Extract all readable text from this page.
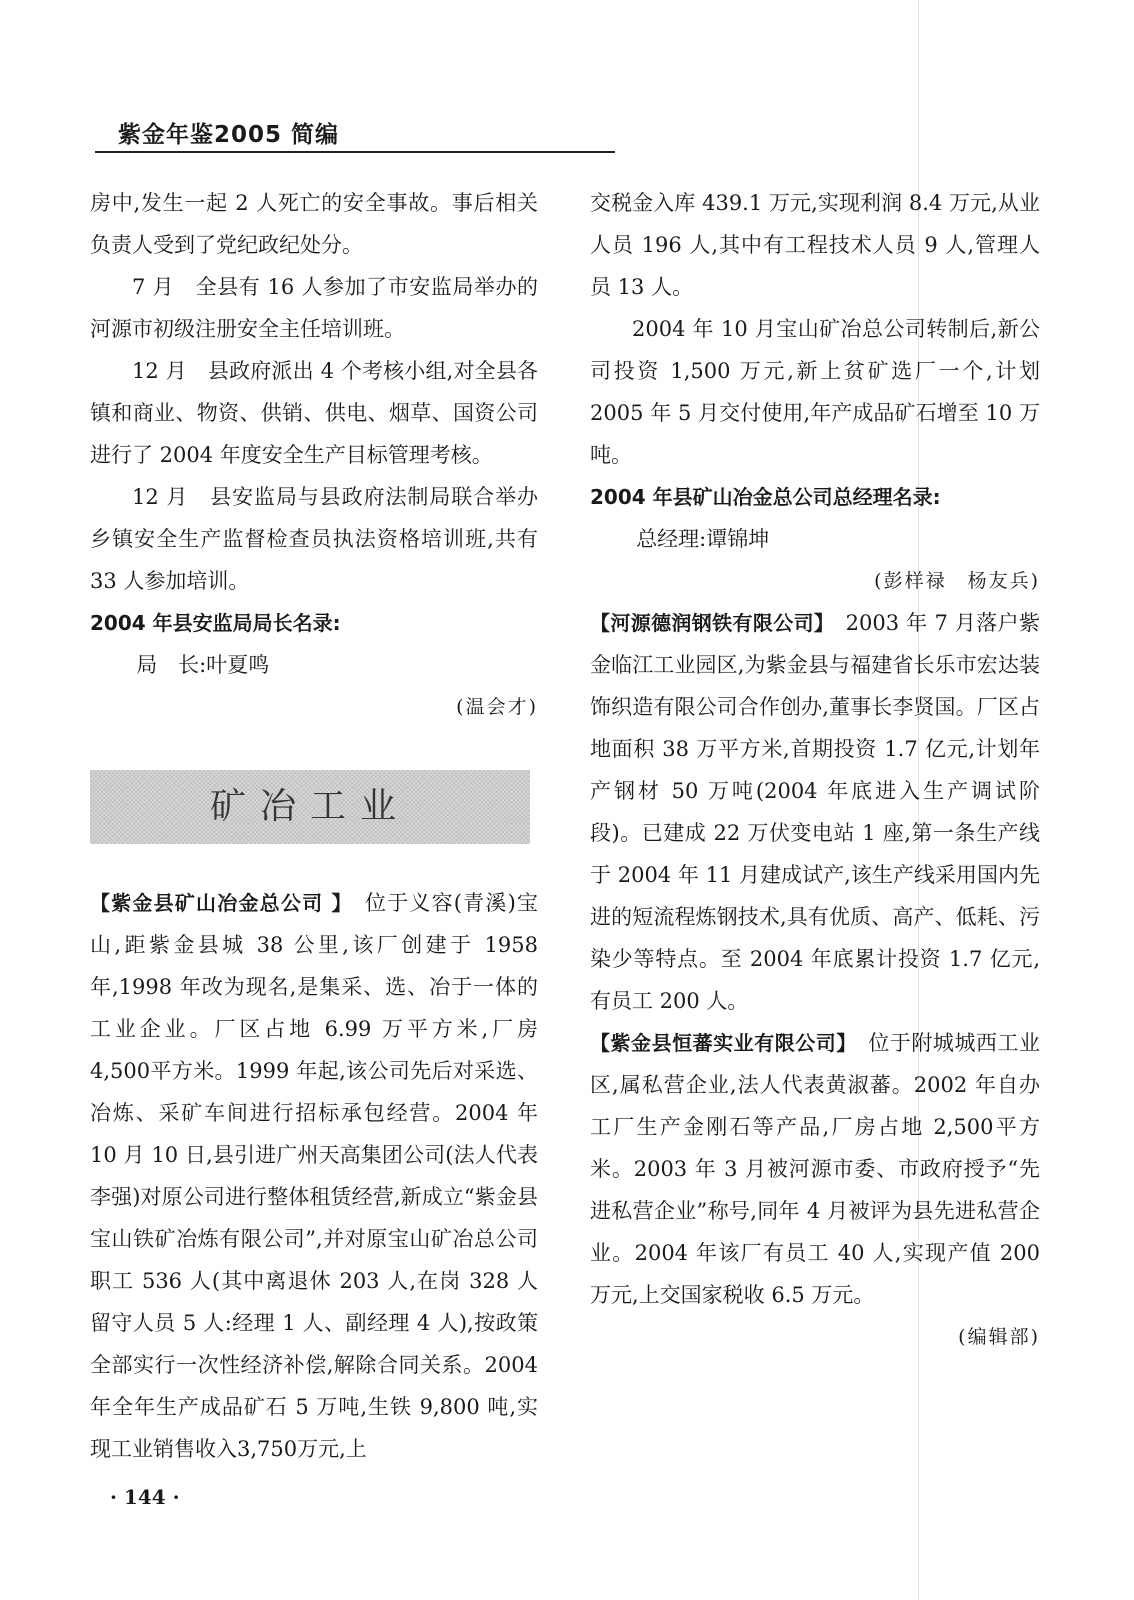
紫金年鉴2005 简编

房中,发生一起 2 人死亡的安全事故。事后相关负责人受到了党纪政纪处分。

7 月　全县有 16 人参加了市安监局举办的河源市初级注册安全主任培训班。

12 月　县政府派出 4 个考核小组,对全县各镇和商业、物资、供销、供电、烟草、国资公司进行了 2004 年度安全生产目标管理考核。

12 月　县安监局与县政府法制局联合举办乡镇安全生产监督检查员执法资格培训班,共有 33 人参加培训。

2004 年县安监局局长名录:

局　长:叶夏鸣

(温会才)

矿冶工业

【紫金县矿山冶金总公司 】　 位于义容(青溪)宝山,距紫金县城 38 公里,该厂创建于 1958 年,1998 年改为现名,是集采、选、冶于一体的工业企业。厂区占地 6.99 万平方米,厂房 4,500平方米。1999 年起,该公司先后对采选、冶炼、采矿车间进行招标承包经营。2004 年 10 月 10 日,县引进广州天高集团公司(法人代表李强)对原公司进行整体租赁经营,新成立“紫金县宝山铁矿冶炼有限公司”,并对原宝山矿冶总公司职工 536 人(其中离退休 203 人,在岗 328 人留守人员 5 人:经理 1 人、副经理 4 人),按政策全部实行一次性经济补偿,解除合同关系。2004 年全年生产成品矿石 5 万吨,生铁 9,800 吨,实现工业销售收入3,750万元,上

交税金入库 439.1 万元,实现利润 8.4 万元,从业人员 196 人,其中有工程技术人员 9 人,管理人员 13 人。

2004 年 10 月宝山矿冶总公司转制后,新公司投资 1,500 万元,新上贫矿选厂一个,计划2005 年 5 月交付使用,年产成品矿石增至 10 万吨。

2004 年县矿山冶金总公司总经理名录:

总经理:谭锦坤

(彭样禄　杨友兵)

【河源德润钢铁有限公司】　 2003 年 7 月落户紫金临江工业园区,为紫金县与福建省长乐市宏达装饰织造有限公司合作创办,董事长李贤国。厂区占地面积 38 万平方米,首期投资 1.7 亿元,计划年产钢材 50 万吨(2004 年底进入生产调试阶段)。已建成 22 万伏变电站 1 座,第一条生产线于 2004 年 11 月建成试产,该生产线采用国内先进的短流程炼钢技术,具有优质、高产、低耗、污染少等特点。至 2004 年底累计投资 1.7 亿元,有员工 200 人。

【紫金县恒蕃实业有限公司】　 位于附城城西工业区,属私营企业,法人代表黄淑蕃。2002 年自办工厂生产金刚石等产品,厂房占地 2,500平方米。2003 年 3 月被河源市委、市政府授予“先进私营企业”称号,同年 4 月被评为县先进私营企业。2004 年该厂有员工 40 人,实现产值 200 万元,上交国家税收 6.5 万元。

(编辑部)

· 144 ·
